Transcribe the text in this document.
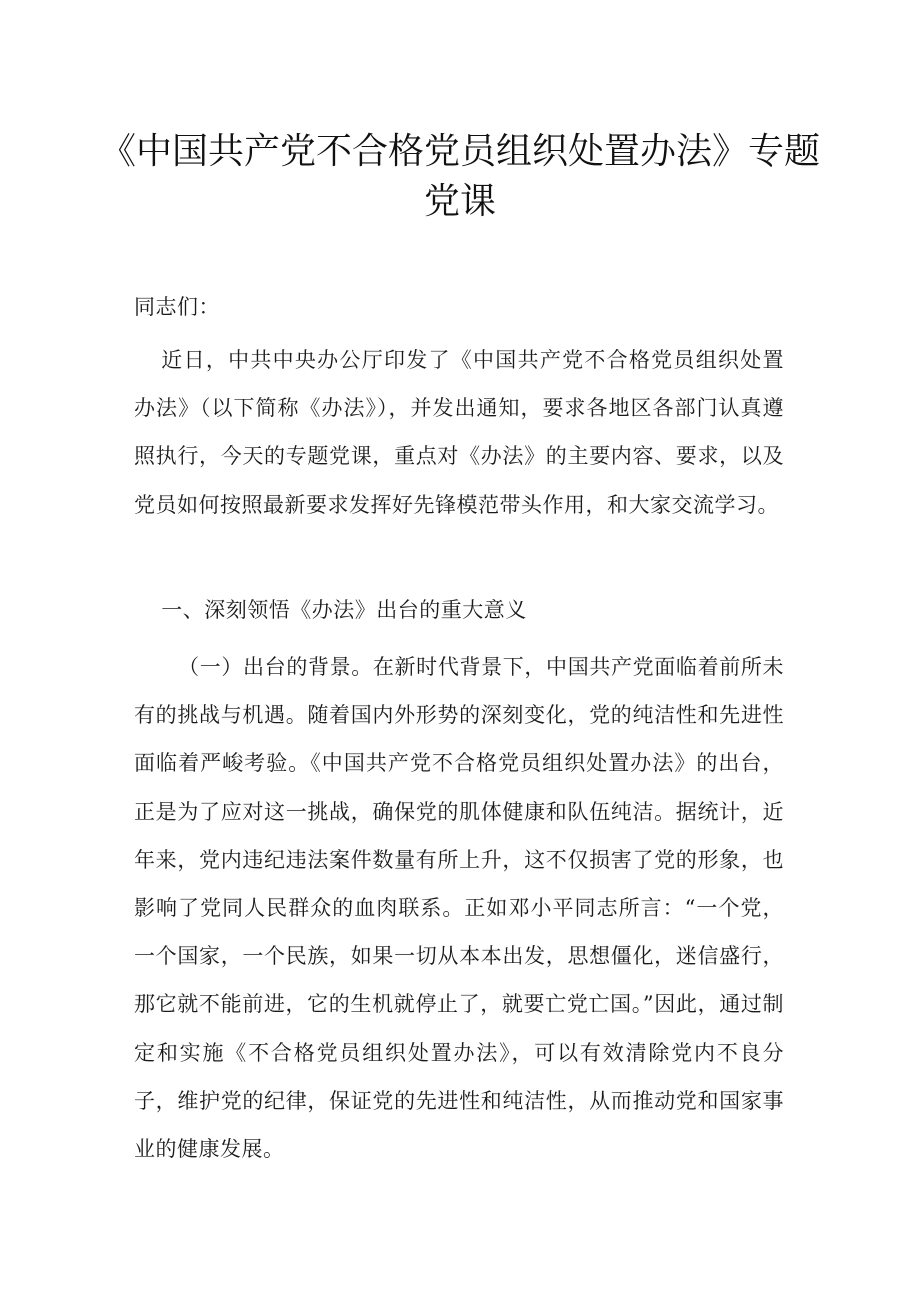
《中国共产党不合格党员组织处置办法》专题
党课

同志们：

近日，中共中央办公厅印发了《中国共产党不合格党员组织处置办法》（以下简称《办法》），并发出通知，要求各地区各部门认真遵照执行，今天的专题党课，重点对《办法》的主要内容、要求，以及党员如何按照最新要求发挥好先锋模范带头作用，和大家交流学习。

一、深刻领悟《办法》出台的重大意义

（一）出台的背景。在新时代背景下，中国共产党面临着前所未有的挑战与机遇。随着国内外形势的深刻变化，党的纯洁性和先进性面临着严峻考验。《中国共产党不合格党员组织处置办法》的出台，正是为了应对这一挑战，确保党的肌体健康和队伍纯洁。据统计，近年来，党内违纪违法案件数量有所上升，这不仅损害了党的形象，也影响了党同人民群众的血肉联系。正如邓小平同志所言：“一个党，一个国家，一个民族，如果一切从本本出发，思想僵化，迷信盛行，那它就不能前进，它的生机就停止了，就要亡党亡国。”因此，通过制定和实施《不合格党员组织处置办法》，可以有效清除党内不良分子，维护党的纪律，保证党的先进性和纯洁性，从而推动党和国家事业的健康发展。
